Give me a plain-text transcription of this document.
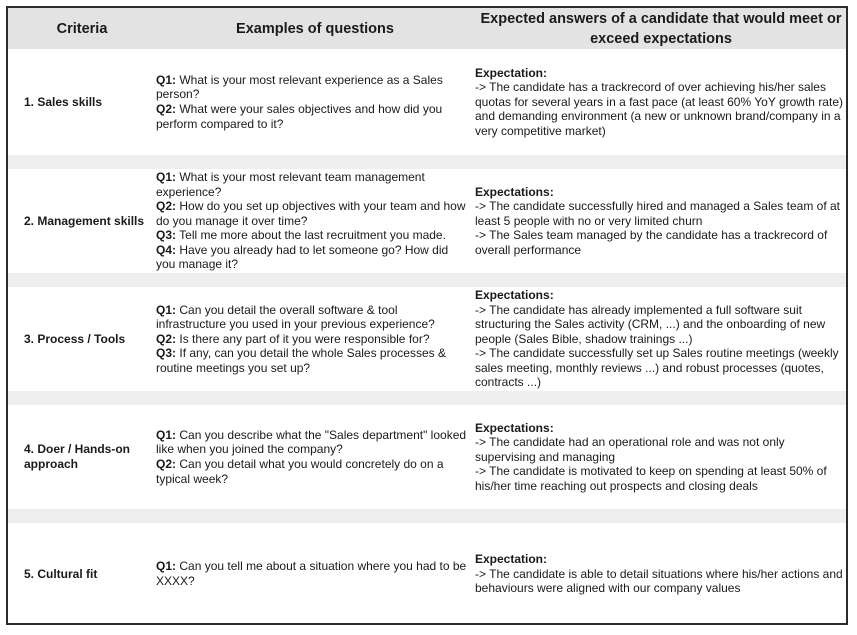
Criteria	Examples of questions
Expected answers of a candidate that would meet or
exceed expectations
1. Sales skills
Q1: What is your most relevant experience as a Sales person?
Q2: What were your sales objectives and how did you perform compared to it?
Expectation:
-> The candidate has a trackrecord of over achieving his/her sales quotas for several years in a fast pace (at least 60% YoY growth rate) and demanding environment (a new or unknown brand/company in a very competitive market)
2. Management skills
Q1: What is your most relevant team management experience?
Q2: How do you set up objectives with your team and how do you manage it over time?
Q3: Tell me more about the last recruitment you made.
Q4: Have you already had to let someone go? How did you manage it?
Expectations:
-> The candidate successfully hired and managed a Sales team of at least 5 people with no or very limited churn
-> The Sales team managed by the candidate has a trackrecord of overall performance
3. Process / Tools
Q1: Can you detail the overall software & tool infrastructure you used in your previous experience?
Q2: Is there any part of it you were responsible for?
Q3: If any, can you detail the whole Sales processes & routine meetings you set up?
Expectations:
-> The candidate has already implemented a full software suit structuring the Sales activity (CRM, ...) and the onboarding of new people (Sales Bible, shadow trainings ...)
-> The candidate successfully set up Sales routine meetings (weekly sales meeting, monthly reviews ...) and robust processes (quotes, contracts ...)
4. Doer / Hands-on approach
Q1: Can you describe what the "Sales department" looked like when you joined the company?
Q2: Can you detail what you would concretely do on a typical week?
Expectations:
-> The candidate had an operational role and was not only supervising and managing
-> The candidate is motivated to keep on spending at least 50% of his/her time reaching out prospects and closing deals
5. Cultural fit
Q1: Can you tell me about a situation where you had to be XXXX?
Expectation:
-> The candidate is able to detail situations where his/her actions and behaviours were aligned with our company values
